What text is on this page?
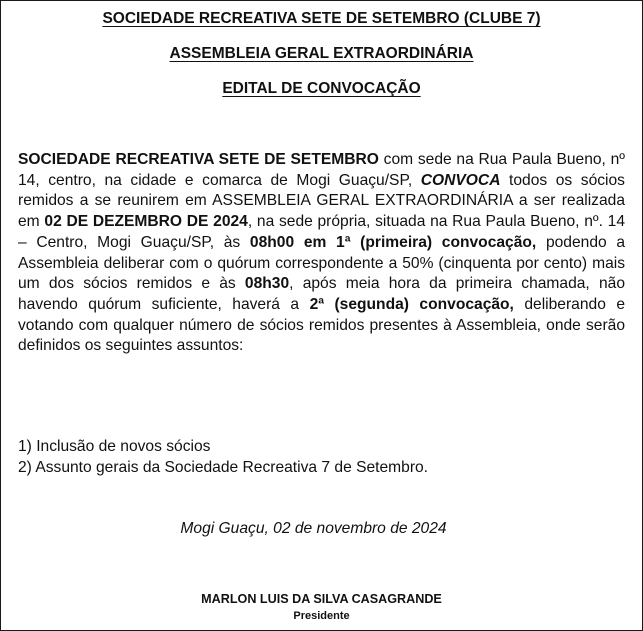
SOCIEDADE RECREATIVA SETE DE SETEMBRO (CLUBE 7)
ASSEMBLEIA GERAL EXTRAORDINÁRIA
EDITAL DE CONVOCAÇÃO

SOCIEDADE RECREATIVA SETE DE SETEMBRO com sede na Rua Paula Bueno, nº 14, centro, na cidade e comarca de Mogi Guaçu/SP, CONVOCA todos os sócios remidos a se reunirem em ASSEMBLEIA GERAL EXTRAORDINÁRIA a ser realizada em 02 DE DEZEMBRO DE 2024, na sede própria, situada na Rua Paula Bueno, nº. 14 – Centro, Mogi Guaçu/SP, às 08h00 em 1ª (primeira) convocação, podendo a Assembleia deliberar com o quórum correspondente a 50% (cinquenta por cento) mais um dos sócios remidos e às 08h30, após meia hora da primeira chamada, não havendo quórum suficiente, haverá a 2ª (segunda) convocação, deliberando e votando com qualquer número de sócios remidos presentes à Assembleia, onde serão definidos os seguintes assuntos:

1) Inclusão de novos sócios
2) Assunto gerais da Sociedade Recreativa 7 de Setembro.
Mogi Guaçu, 02 de novembro de 2024
MARLON LUIS DA SILVA CASAGRANDE
Presidente
